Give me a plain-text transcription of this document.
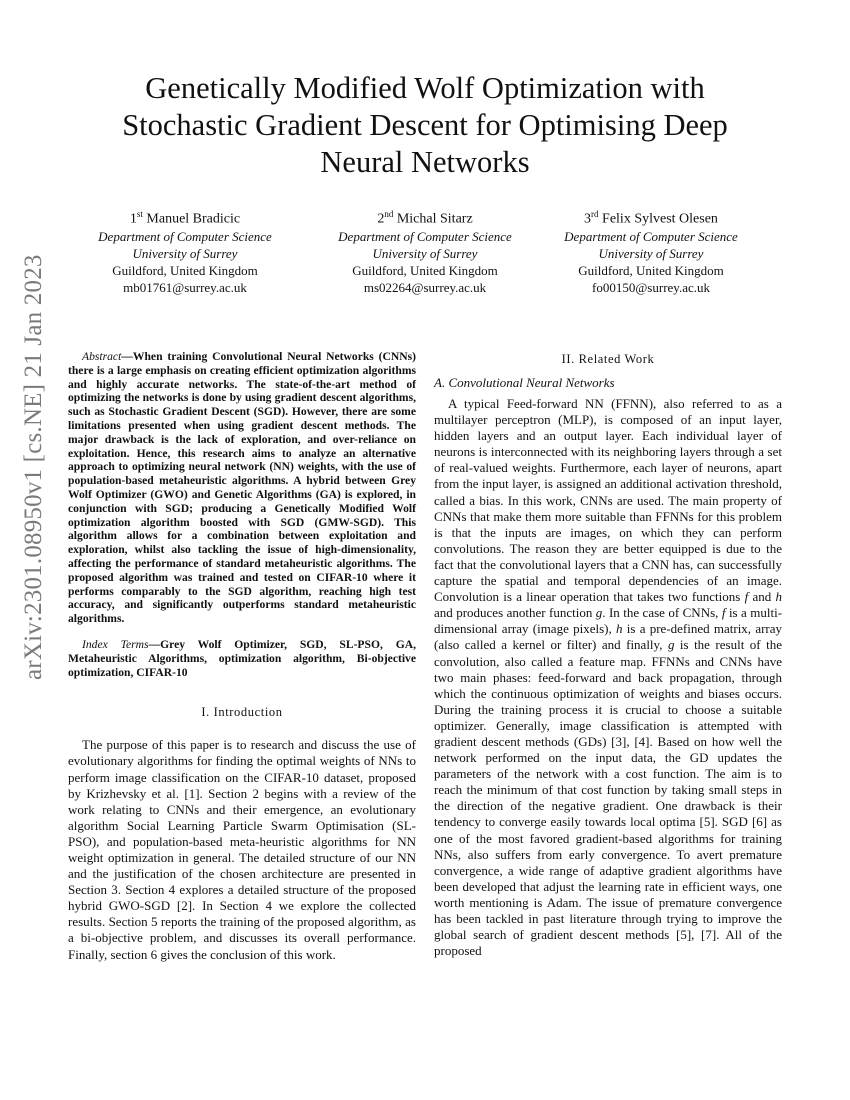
arXiv:2301.08950v1 [cs.NE] 21 Jan 2023
Genetically Modified Wolf Optimization with
Stochastic Gradient Descent for Optimising Deep
Neural Networks
1st Manuel Bradicic
Department of Computer Science
University of Surrey
Guildford, United Kingdom
mb01761@surrey.ac.uk
2nd Michal Sitarz
Department of Computer Science
University of Surrey
Guildford, United Kingdom
ms02264@surrey.ac.uk
3rd Felix Sylvest Olesen
Department of Computer Science
University of Surrey
Guildford, United Kingdom
fo00150@surrey.ac.uk

Abstract—When training Convolutional Neural Networks (CNNs) there is a large emphasis on creating efficient optimization algorithms and highly accurate networks. The state-of-the-art method of optimizing the networks is done by using gradient descent algorithms, such as Stochastic Gradient Descent (SGD). However, there are some limitations presented when using gradient descent methods. The major drawback is the lack of exploration, and over-reliance on exploitation. Hence, this research aims to analyze an alternative approach to optimizing neural network (NN) weights, with the use of population-based metaheuristic algorithms. A hybrid between Grey Wolf Optimizer (GWO) and Genetic Algorithms (GA) is explored, in conjunction with SGD; producing a Genetically Modified Wolf optimization algorithm boosted with SGD (GMW-SGD). This algorithm allows for a combination between exploitation and exploration, whilst also tackling the issue of high-dimensionality, affecting the performance of standard metaheuristic algorithms. The proposed algorithm was trained and tested on CIFAR-10 where it performs comparably to the SGD algorithm, reaching high test accuracy, and significantly outperforms standard metaheuristic algorithms.

Index Terms—Grey Wolf Optimizer, SGD, SL-PSO, GA, Metaheuristic Algorithms, optimization algorithm, Bi-objective optimization, CIFAR-10

I. Introduction

The purpose of this paper is to research and discuss the use of evolutionary algorithms for finding the optimal weights of NNs to perform image classification on the CIFAR-10 dataset, proposed by Krizhevsky et al. [1]. Section 2 begins with a review of the work relating to CNNs and their emergence, an evolutionary algorithm Social Learning Particle Swarm Optimisation (SL-PSO), and population-based meta-heuristic algorithms for NN weight optimization in general. The detailed structure of our NN and the justification of the chosen architecture are presented in Section 3. Section 4 explores a detailed structure of the proposed hybrid GWO-SGD [2]. In Section 4 we explore the collected results. Section 5 reports the training of the proposed algorithm, as a bi-objective problem, and discusses its overall performance. Finally, section 6 gives the conclusion of this work.

II. Related Work
A. Convolutional Neural Networks

A typical Feed-forward NN (FFNN), also referred to as a multilayer perceptron (MLP), is composed of an input layer, hidden layers and an output layer. Each individual layer of neurons is interconnected with its neighboring layers through a set of real-valued weights. Furthermore, each layer of neurons, apart from the input layer, is assigned an additional activation threshold, called a bias. In this work, CNNs are used. The main property of CNNs that make them more suitable than FFNNs for this problem is that the inputs are images, on which they can perform convolutions. The reason they are better equipped is due to the fact that the convolutional layers that a CNN has, can successfully capture the spatial and temporal dependencies of an image. Convolution is a linear operation that takes two functions f and h and produces another function g. In the case of CNNs, f is a multi-dimensional array (image pixels), h is a pre-defined matrix, array (also called a kernel or filter) and finally, g is the result of the convolution, also called a feature map. FFNNs and CNNs have two main phases: feed-forward and back propagation, through which the continuous optimization of weights and biases occurs. During the training process it is crucial to choose a suitable optimizer. Generally, image classification is attempted with gradient descent methods (GDs) [3], [4]. Based on how well the network performed on the input data, the GD updates the parameters of the network with a cost function. The aim is to reach the minimum of that cost function by taking small steps in the direction of the negative gradient. One drawback is their tendency to converge easily towards local optima [5]. SGD [6] as one of the most favored gradient-based algorithms for training NNs, also suffers from early convergence. To avert premature convergence, a wide range of adaptive gradient algorithms have been developed that adjust the learning rate in efficient ways, one worth mentioning is Adam. The issue of premature convergence has been tackled in past literature through trying to improve the global search of gradient descent methods [5], [7]. All of the proposed
